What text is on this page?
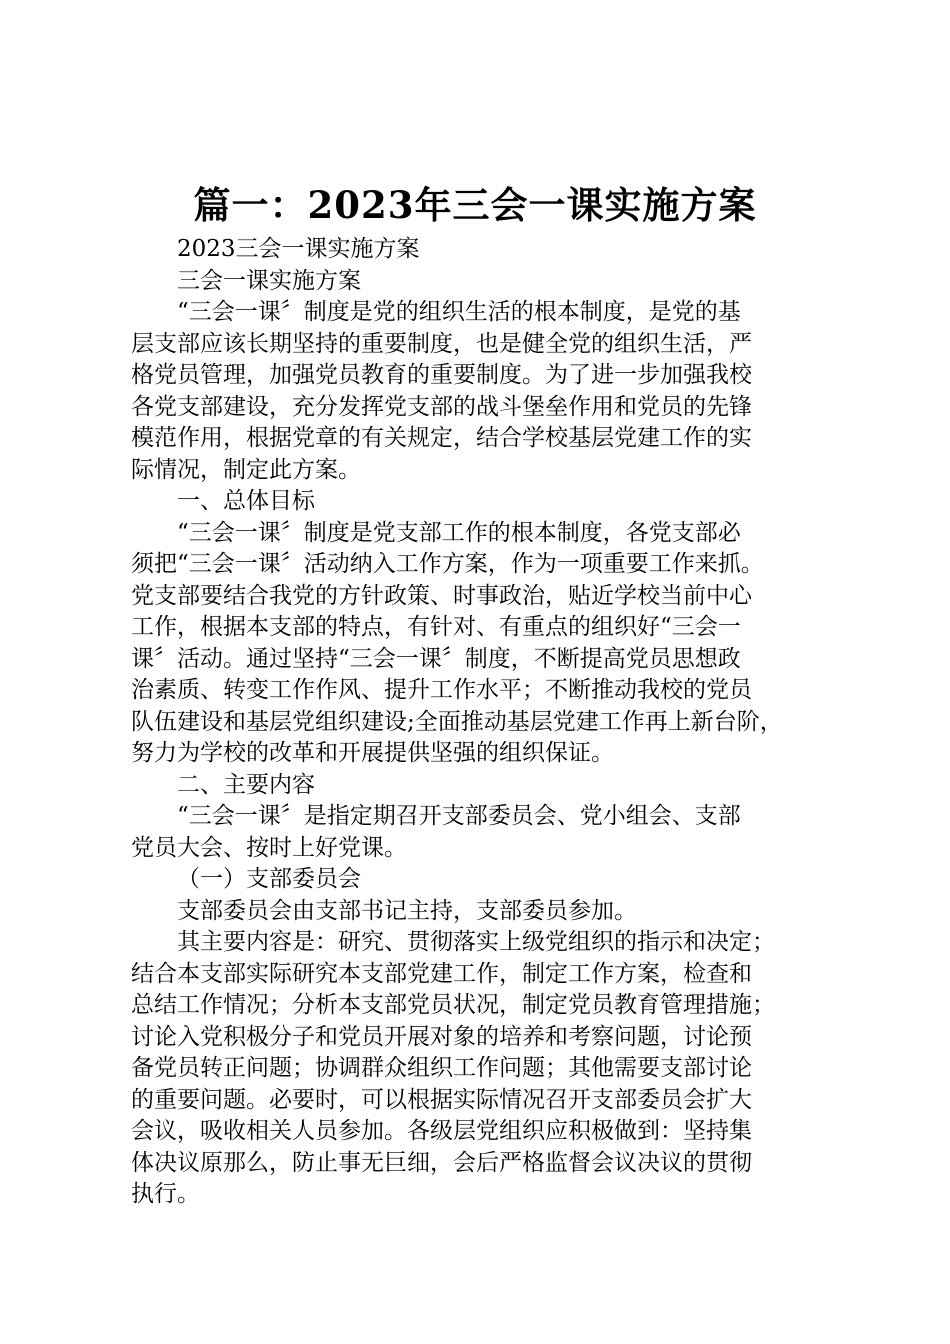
篇一：2023年三会一课实施方案
2023三会一课实施方案
三会一课实施方案
“三会一课〞制度是党的组织生活的根本制度，是党的基
层支部应该长期坚持的重要制度，也是健全党的组织生活，严
格党员管理，加强党员教育的重要制度。为了进一步加强我校
各党支部建设，充分发挥党支部的战斗堡垒作用和党员的先锋
模范作用，根据党章的有关规定，结合学校基层党建工作的实
际情况，制定此方案。
一、总体目标
“三会一课〞制度是党支部工作的根本制度，各党支部必
须把“三会一课〞活动纳入工作方案，作为一项重要工作来抓。
党支部要结合我党的方针政策、时事政治，贴近学校当前中心
工作，根据本支部的特点，有针对、有重点的组织好“三会一
课〞活动。通过坚持“三会一课〞制度，不断提高党员思想政
治素质、转变工作作风、提升工作水平；不断推动我校的党员
队伍建设和基层党组织建设;全面推动基层党建工作再上新台阶，
努力为学校的改革和开展提供坚强的组织保证。
二、主要内容
“三会一课〞是指定期召开支部委员会、党小组会、支部
党员大会、按时上好党课。
（一）支部委员会
支部委员会由支部书记主持，支部委员参加。
其主要内容是：研究、贯彻落实上级党组织的指示和决定；
结合本支部实际研究本支部党建工作，制定工作方案，检查和
总结工作情况；分析本支部党员状况，制定党员教育管理措施；
讨论入党积极分子和党员开展对象的培养和考察问题，讨论预
备党员转正问题；协调群众组织工作问题；其他需要支部讨论
的重要问题。必要时，可以根据实际情况召开支部委员会扩大
会议，吸收相关人员参加。各级层党组织应积极做到：坚持集
体决议原那么，防止事无巨细，会后严格监督会议决议的贯彻
执行。
